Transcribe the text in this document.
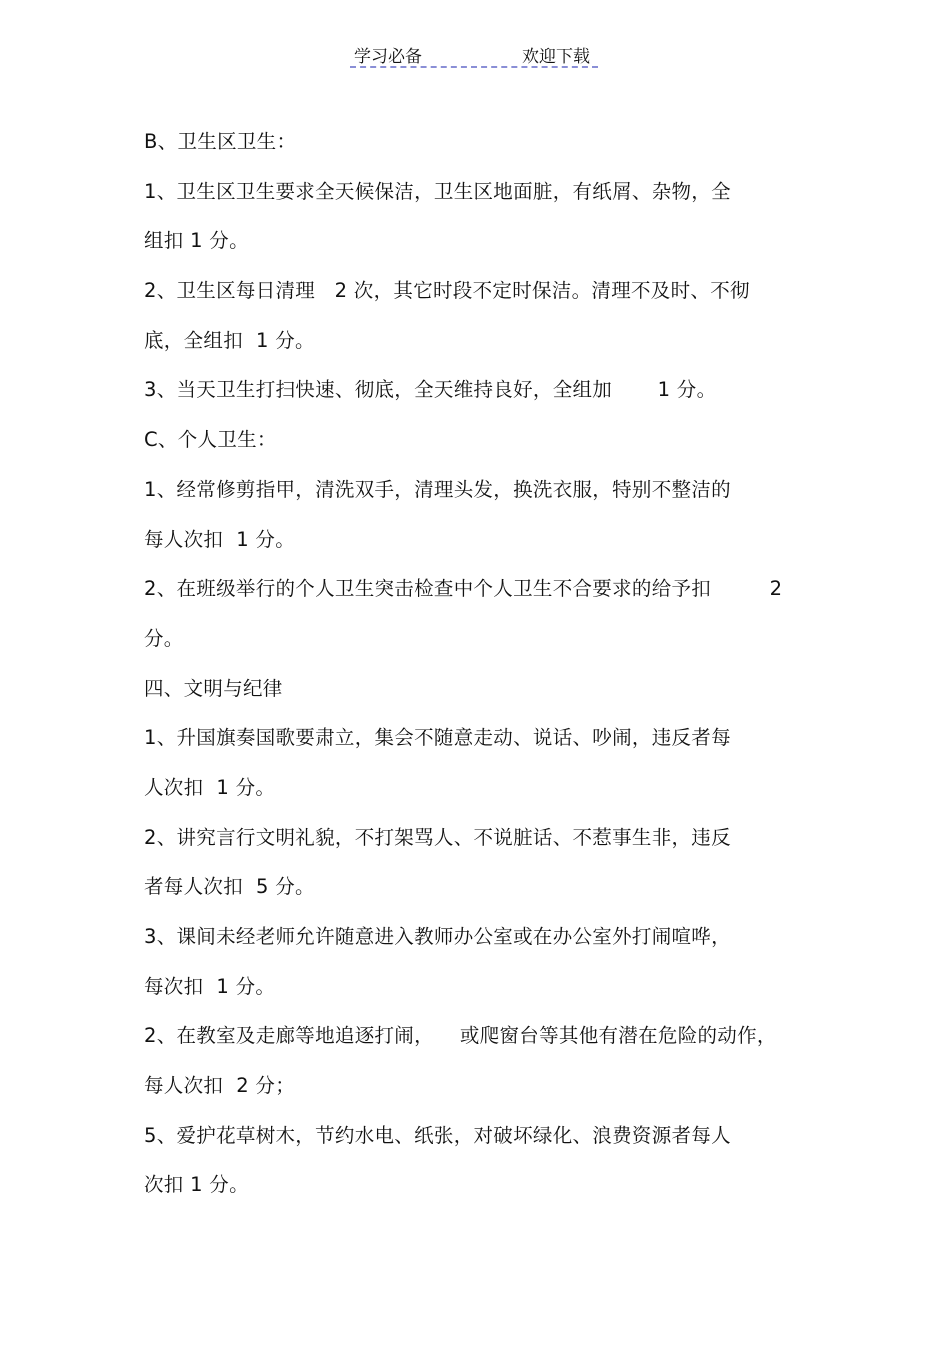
学习必备	欢迎下载
B、卫生区卫生：
1、卫生区卫生要求全天候保洁，卫生区地面脏，有纸屑、杂物，全
组扣 1 分。
2、卫生区每日清理   2 次，其它时段不定时保洁。清理不及时、不彻
底，全组扣  1 分。
3、当天卫生打扫快速、彻底，全天维持良好，全组加       1 分。
C、个人卫生：
1、经常修剪指甲，清洗双手，清理头发，换洗衣服，特别不整洁的
每人次扣  1 分。
2、在班级举行的个人卫生突击检查中个人卫生不合要求的给予扣         2
分。
四、文明与纪律
1、升国旗奏国歌要肃立，集会不随意走动、说话、吵闹，违反者每
人次扣  1 分。
2、讲究言行文明礼貌，不打架骂人、不说脏话、不惹事生非，违反
者每人次扣  5 分。
3、课间未经老师允许随意进入教师办公室或在办公室外打闹喧哗，
每次扣  1 分。
2、在教室及走廊等地追逐打闹，    或爬窗台等其他有潜在危险的动作，
每人次扣  2 分；
5、爱护花草树木，节约水电、纸张，对破坏绿化、浪费资源者每人
次扣 1 分。
